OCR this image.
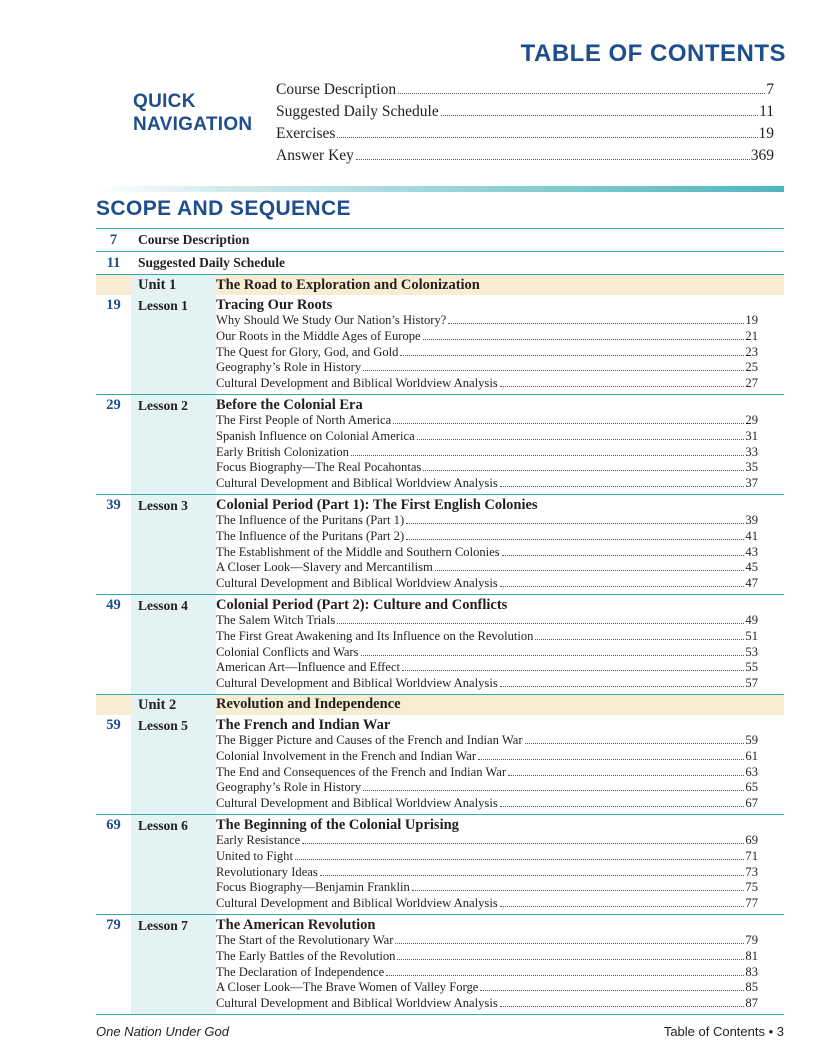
TABLE OF CONTENTS
QUICK
NAVIGATION
Course Description	7
Suggested Daily Schedule	11
Exercises	19
Answer Key	369
SCOPE AND SEQUENCE
7	Course Description
11	Suggested Daily Schedule
Unit 1	The Road to Exploration and Colonization
19	Lesson 1	Tracing Our Roots
Why Should We Study Our Nation’s History?	19
Our Roots in the Middle Ages of Europe	21
The Quest for Glory, God, and Gold	23
Geography’s Role in History	25
Cultural Development and Biblical Worldview Analysis	27
29	Lesson 2	Before the Colonial Era
The First People of North America	29
Spanish Influence on Colonial America	31
Early British Colonization	33
Focus Biography—The Real Pocahontas	35
Cultural Development and Biblical Worldview Analysis	37
39	Lesson 3	Colonial Period (Part 1): The First English Colonies
The Influence of the Puritans (Part 1)	39
The Influence of the Puritans (Part 2)	41
The Establishment of the Middle and Southern Colonies	43
A Closer Look—Slavery and Mercantilism	45
Cultural Development and Biblical Worldview Analysis	47
49	Lesson 4	Colonial Period (Part 2): Culture and Conflicts
The Salem Witch Trials	49
The First Great Awakening and Its Influence on the Revolution	51
Colonial Conflicts and Wars	53
American Art—Influence and Effect	55
Cultural Development and Biblical Worldview Analysis	57
Unit 2	Revolution and Independence
59	Lesson 5	The French and Indian War
The Bigger Picture and Causes of the French and Indian War	59
Colonial Involvement in the French and Indian War	61
The End and Consequences of the French and Indian War	63
Geography’s Role in History	65
Cultural Development and Biblical Worldview Analysis	67
69	Lesson 6	The Beginning of the Colonial Uprising
Early Resistance	69
United to Fight	71
Revolutionary Ideas	73
Focus Biography—Benjamin Franklin	75
Cultural Development and Biblical Worldview Analysis	77
79	Lesson 7	The American Revolution
The Start of the Revolutionary War	79
The Early Battles of the Revolution	81
The Declaration of Independence	83
A Closer Look—The Brave Women of Valley Forge	85
Cultural Development and Biblical Worldview Analysis	87
One Nation Under God	Table of Contents • 3
